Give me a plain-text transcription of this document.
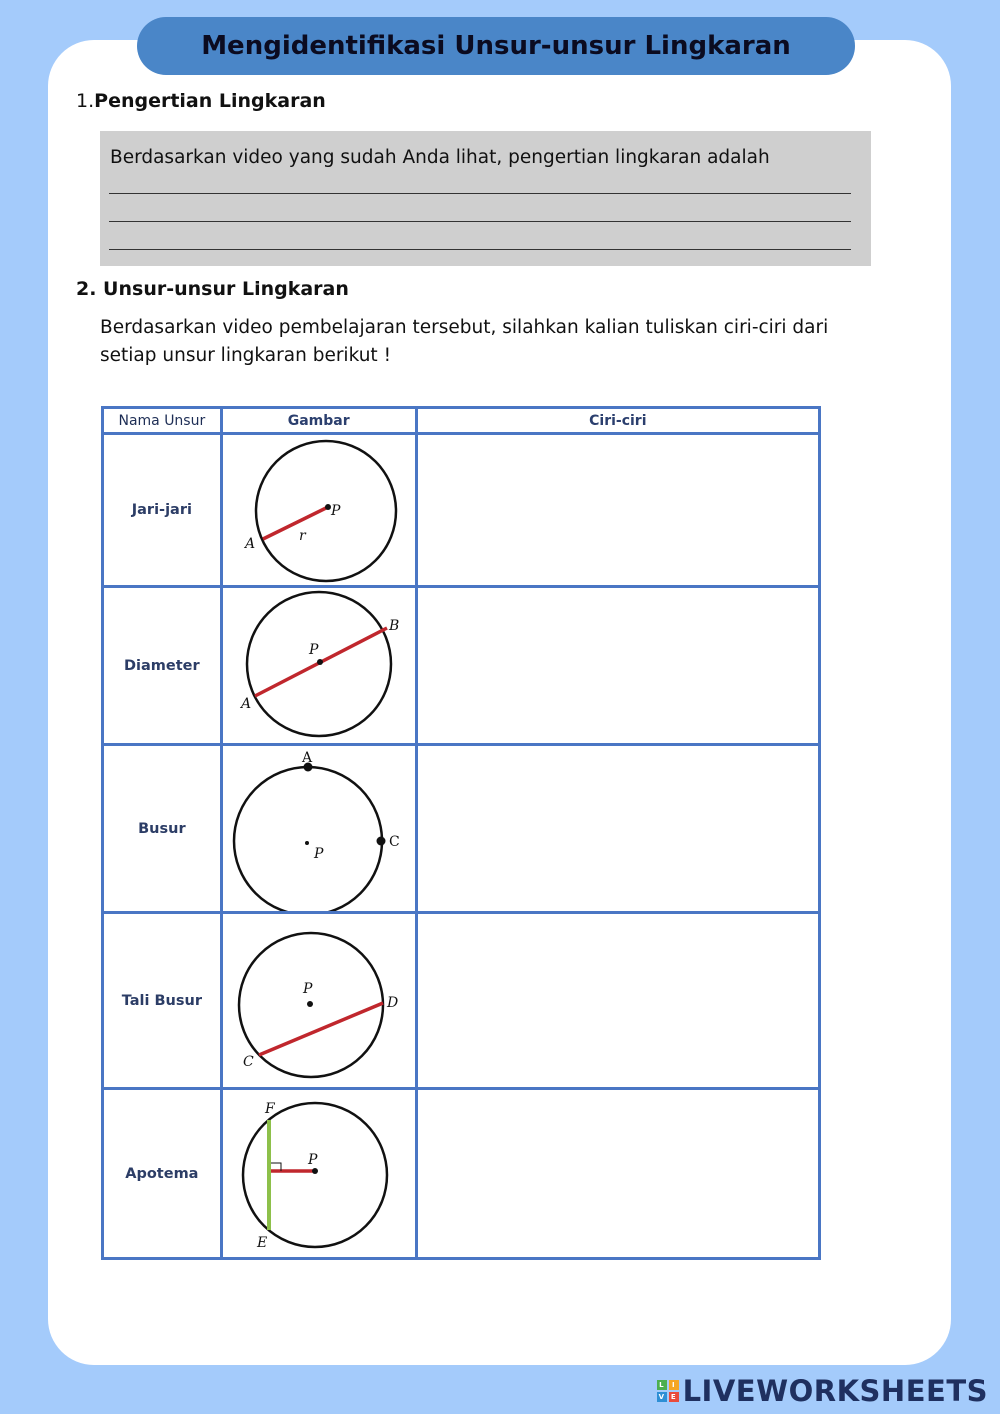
Mengidentifikasi Unsur-unsur Lingkaran
1.Pengertian Lingkaran
Berdasarkan video yang sudah Anda lihat, pengertian lingkaran adalah
2. Unsur-unsur Lingkaran
Berdasarkan video pembelajaran tersebut, silahkan kalian tuliskan ciri-ciri dari setiap unsur lingkaran berikut !
Nama Unsur	Gambar	Ciri-ciri
Jari-jari	P
A r	

Diameter	P
A
B	

Busur	A
P
C	

Tali Busur	P
C
D	

Apotema	P
F
E	

L	I
V E LIVEWORKSHEETS
